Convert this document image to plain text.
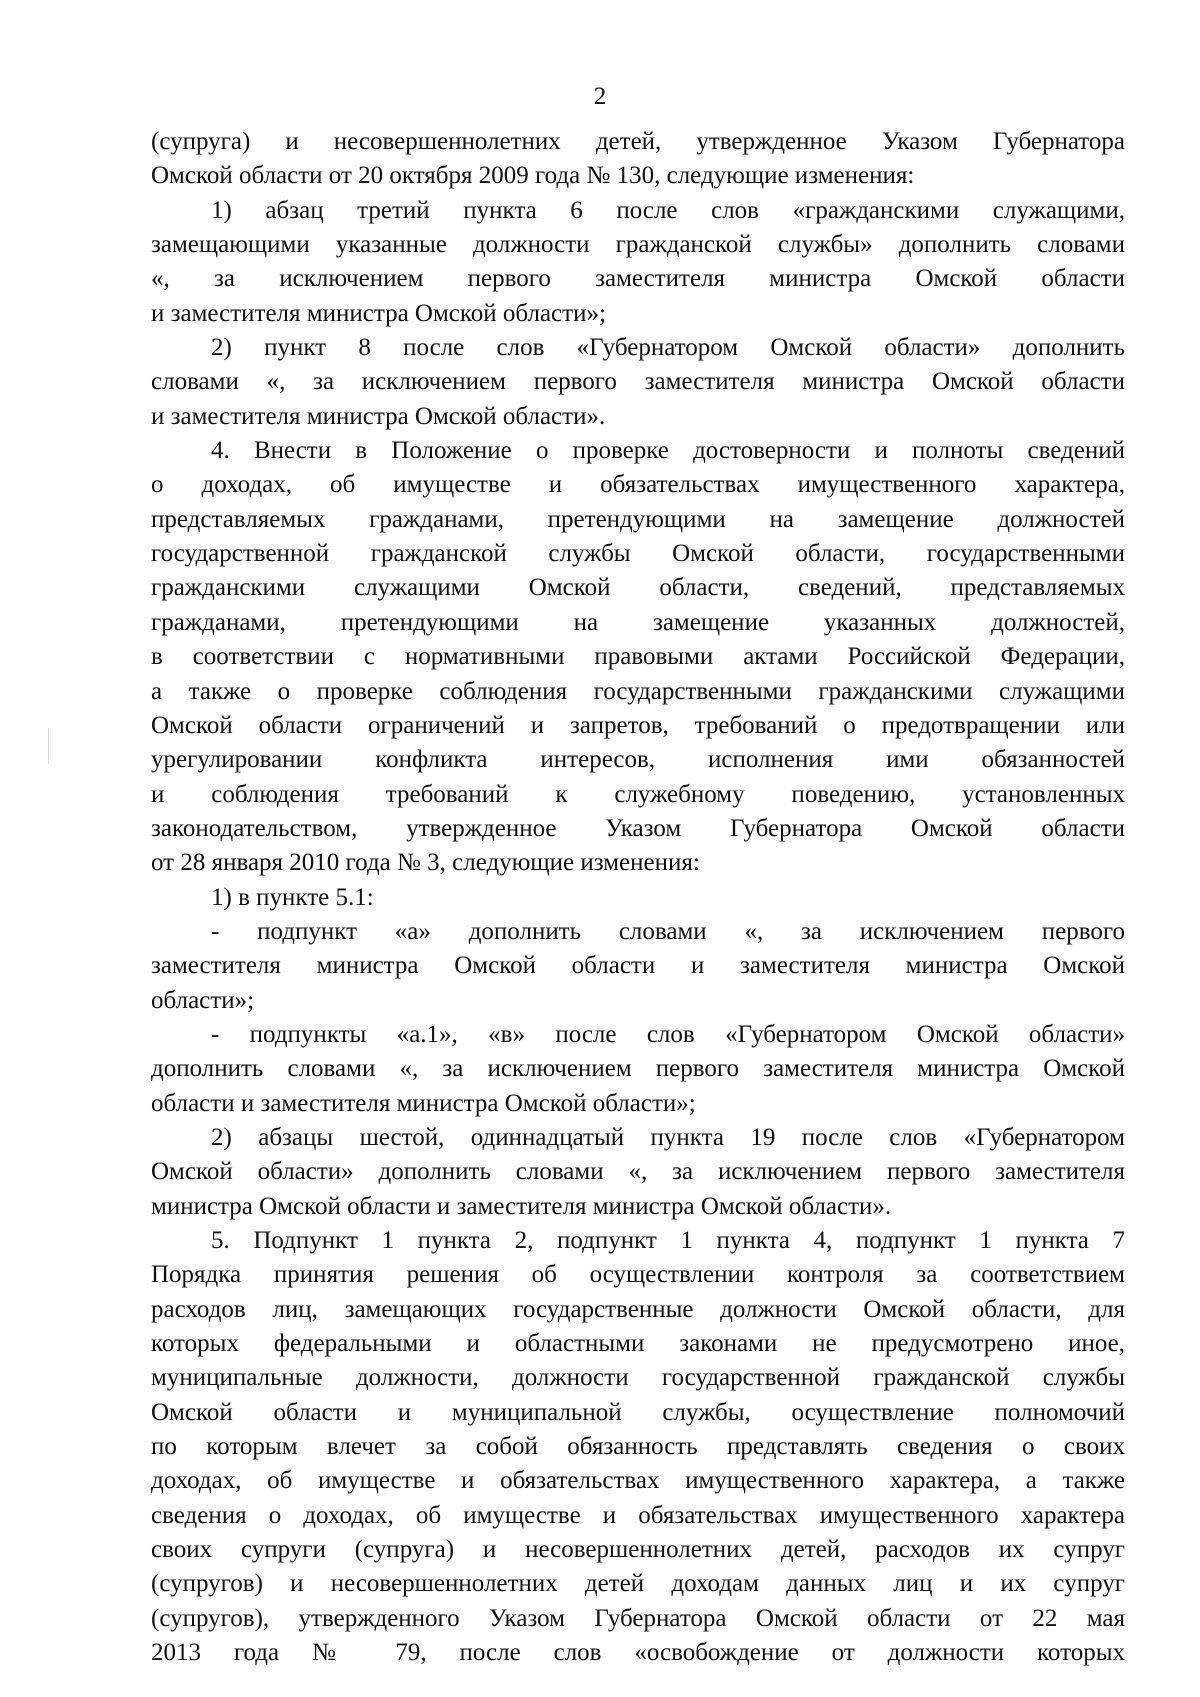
2
(супруга) и несовершеннолетних детей, утвержденное Указом Губернатора
Омской области от 20 октября 2009 года № 130, следующие изменения:
1) абзац третий пункта 6 после слов «гражданскими служащими,
замещающими указанные должности гражданской службы» дополнить словами
«, за исключением первого заместителя министра Омской области
и заместителя министра Омской области»;
2) пункт 8 после слов «Губернатором Омской области» дополнить
словами «, за исключением первого заместителя министра Омской области
и заместителя министра Омской области».
4. Внести в Положение о проверке достоверности и полноты сведений
о доходах, об имуществе и обязательствах имущественного характера,
представляемых гражданами, претендующими на замещение должностей
государственной гражданской службы Омской области, государственными
гражданскими служащими Омской области, сведений, представляемых
гражданами, претендующими на замещение указанных должностей,
в соответствии с нормативными правовыми актами Российской Федерации,
а также о проверке соблюдения государственными гражданскими служащими
Омской области ограничений и запретов, требований о предотвращении или
урегулировании конфликта интересов, исполнения ими обязанностей
и соблюдения требований к служебному поведению, установленных
законодательством, утвержденное Указом Губернатора Омской области
от 28 января 2010 года № 3, следующие изменения:
1) в пункте 5.1:
- подпункт «а» дополнить словами «, за исключением первого
заместителя министра Омской области и заместителя министра Омской
области»;
- подпункты «а.1», «в» после слов «Губернатором Омской области»
дополнить словами «, за исключением первого заместителя министра Омской
области и заместителя министра Омской области»;
2) абзацы шестой, одиннадцатый пункта 19 после слов «Губернатором
Омской области» дополнить словами «, за исключением первого заместителя
министра Омской области и заместителя министра Омской области».
5. Подпункт 1 пункта 2, подпункт 1 пункта 4, подпункт 1 пункта 7
Порядка принятия решения об осуществлении контроля за соответствием
расходов лиц, замещающих государственные должности Омской области, для
которых федеральными и областными законами не предусмотрено иное,
муниципальные должности, должности государственной гражданской службы
Омской области и муниципальной службы, осуществление полномочий
по которым влечет за собой обязанность представлять сведения о своих
доходах, об имуществе и обязательствах имущественного характера, а также
сведения о доходах, об имуществе и обязательствах имущественного характера
своих супруги (супруга) и несовершеннолетних детей, расходов их супруг
(супругов) и несовершеннолетних детей доходам данных лиц и их супруг
(супругов), утвержденного Указом Губернатора Омской области от 22 мая
2013 года № 79, после слов «освобождение от должности которых
